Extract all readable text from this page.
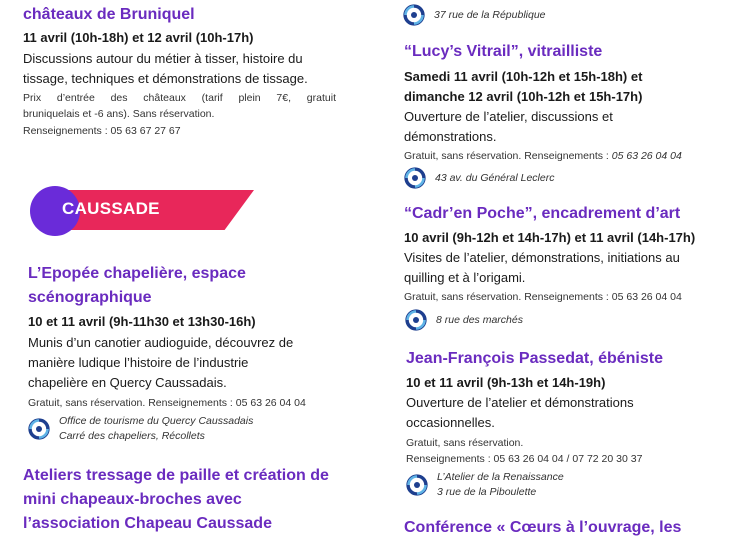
châteaux de Bruniquel
11 avril (10h-18h) et 12 avril (10h-17h)
Discussions autour du métier à tisser, histoire du
tissage, techniques et démonstrations de tissage.
Prix d’entrée des châteaux (tarif plein 7€, gratuit
bruniquelais et -6 ans). Sans réservation.
Renseignements : 05 63 67 27 67
CAUSSADE
L’Epopée chapelière, espace
scénographique
10 et 11 avril (9h-11h30 et 13h30-16h)
Munis d’un canotier audioguide, découvrez de
manière ludique l’histoire de l’industrie
chapelière en Quercy Caussadais.
Gratuit, sans réservation. Renseignements : 05 63 26 04 04
Office de tourisme du Quercy Caussadais
Carré des chapeliers, Récollets
Ateliers tressage de paille et création de
mini chapeaux-broches avec
l’association Chapeau Caussade
37 rue de la République
“Lucy’s Vitrail”, vitrailliste
Samedi 11 avril (10h-12h et 15h-18h) et
dimanche 12 avril (10h-12h et 15h-17h)
Ouverture de l’atelier, discussions et
démonstrations.
Gratuit, sans réservation. Renseignements : 05 63 26 04 04
43 av. du Général Leclerc
“Cadr’en Poche”, encadrement d’art
10 avril (9h-12h et 14h-17h) et 11 avril (14h-17h)
Visites de l’atelier, démonstrations, initiations au
quilling et à l’origami.
Gratuit, sans réservation. Renseignements : 05 63 26 04 04
8 rue des marchés
Jean-François Passedat, ébéniste
10 et 11 avril (9h-13h et 14h-19h)
Ouverture de l’atelier et démonstrations
occasionnelles.
Gratuit, sans réservation.
Renseignements : 05 63 26 04 04 / 07 72 20 30 37
L’Atelier de la Renaissance
3 rue de la Piboulette
Conférence « Cœurs à l’ouvrage, les
